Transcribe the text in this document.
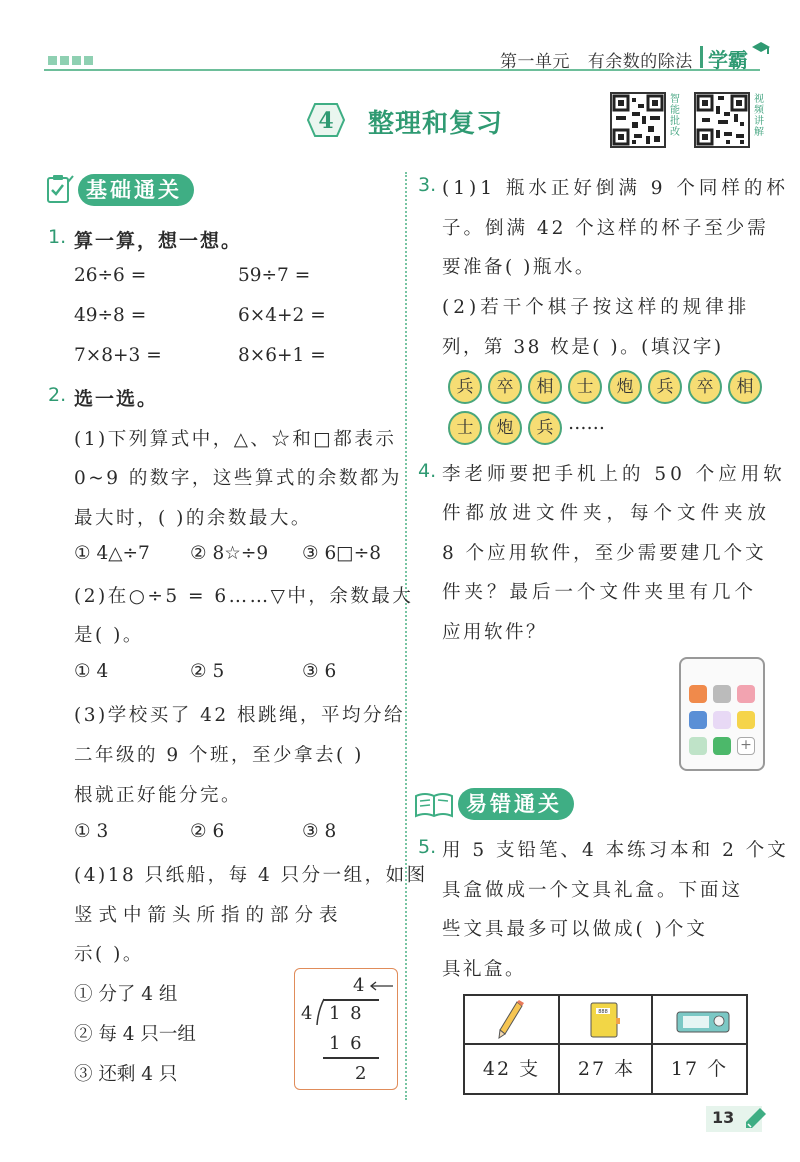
第一单元 有余数的除法 学霸
4 整理和复习
智能批改
视频讲解
基础通关
1. 算一算，想一想。
26÷6 =	59÷7 =
49÷8 =	6×4+2 =
7×8+3 =	8×6+1 =
2. 选一选。
(1)下列算式中，△、☆和□都表示
0~9 的数字，这些算式的余数都为
最大时，( )的余数最大。
① 4△÷7 ② 8☆÷9 ③ 6□÷8
(2)在○÷5 = 6……▽中，余数最大
是( )。
① 4	② 5	③ 6
(3)学校买了 42 根跳绳，平均分给
二年级的 9 个班，至少拿去( )
根就正好能分完。
① 3	② 6	③ 8
(4)18 只纸船，每 4 只分一组，如图
竖式中箭头所指的部分表
示( )。
① 分了 4 组
② 每 4 只一组
③ 还剩 4 只
4
4 1 8
1 6
2
3. (1)1 瓶水正好倒满 9 个同样的杯
子。倒满 42 个这样的杯子至少需
要准备( )瓶水。
(2)若干个棋子按这样的规律排
列，第 38 枚是( )。(填汉字)
兵	卒	相	士	炮	兵	卒	相
士	炮	兵 ……
4. 李老师要把手机上的 50 个应用软
件都放进文件夹，每个文件夹放
8 个应用软件，至少需要建几个文
件夹？最后一个文件夹里有几个
应用软件？
+
易错通关
5. 用 5 支铅笔、4 本练习本和 2 个文
具盒做成一个文具礼盒。下面这
些文具最多可以做成( )个文
具礼盒。
888
42 支	27 本	17 个
13
